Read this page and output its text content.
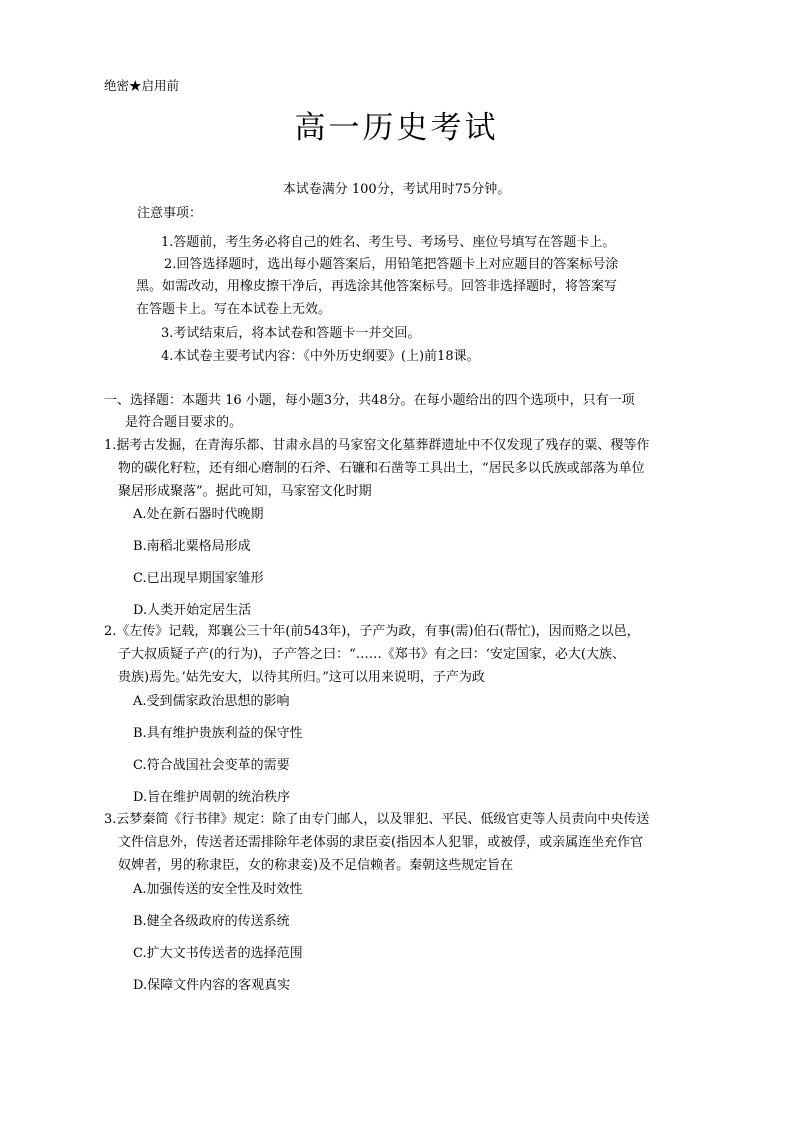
绝密★启用前
高一历史考试
本试卷满分 100分，考试用时75分钟。
注意事项：
1.答题前，考生务必将自己的姓名、考生号、考场号、座位号填写在答题卡上。
2.回答选择题时，选出每小题答案后，用铅笔把答题卡上对应题目的答案标号涂
黑。如需改动，用橡皮擦干净后，再选涂其他答案标号。回答非选择题时，将答案写
在答题卡上。写在本试卷上无效。
3.考试结束后，将本试卷和答题卡一并交回。
4.本试卷主要考试内容：《中外历史纲要》(上)前18课。
一、选择题：本题共 16 小题，每小题3分，共48分。在每小题给出的四个选项中，只有一项
是符合题目要求的。
1.据考古发掘，在青海乐都、甘肃永昌的马家窑文化墓葬群遗址中不仅发现了残存的粟、稷等作
物的碳化籽粒，还有细心磨制的石斧、石镰和石凿等工具出土，“居民多以氏族或部落为单位
聚居形成聚落”。据此可知，马家窑文化时期
A.处在新石器时代晚期
B.南稻北粟格局形成
C.已出现早期国家雏形
D.人类开始定居生活
2.《左传》记载，郑襄公三十年(前543年)，子产为政，有事(需)伯石(帮忙)，因而赂之以邑，
子大叔质疑子产(的行为)，子产答之曰：“……《郑书》有之曰：‘安定国家，必大(大族、
贵族)焉先。’姑先安大，以待其所归。”这可以用来说明，子产为政
A.受到儒家政治思想的影响
B.具有维护贵族利益的保守性
C.符合战国社会变革的需要
D.旨在维护周朝的统治秩序
3.云梦秦简《行书律》规定：除了由专门邮人，以及罪犯、平民、低级官吏等人员责向中央传送
文件信息外，传送者还需排除年老体弱的隶臣妾(指因本人犯罪，或被俘，或亲属连坐充作官
奴婢者，男的称隶臣，女的称隶妾)及不足信赖者。秦朝这些规定旨在
A.加强传送的安全性及时效性
B.健全各级政府的传送系统
C.扩大文书传送者的选择范围
D.保障文件内容的客观真实
